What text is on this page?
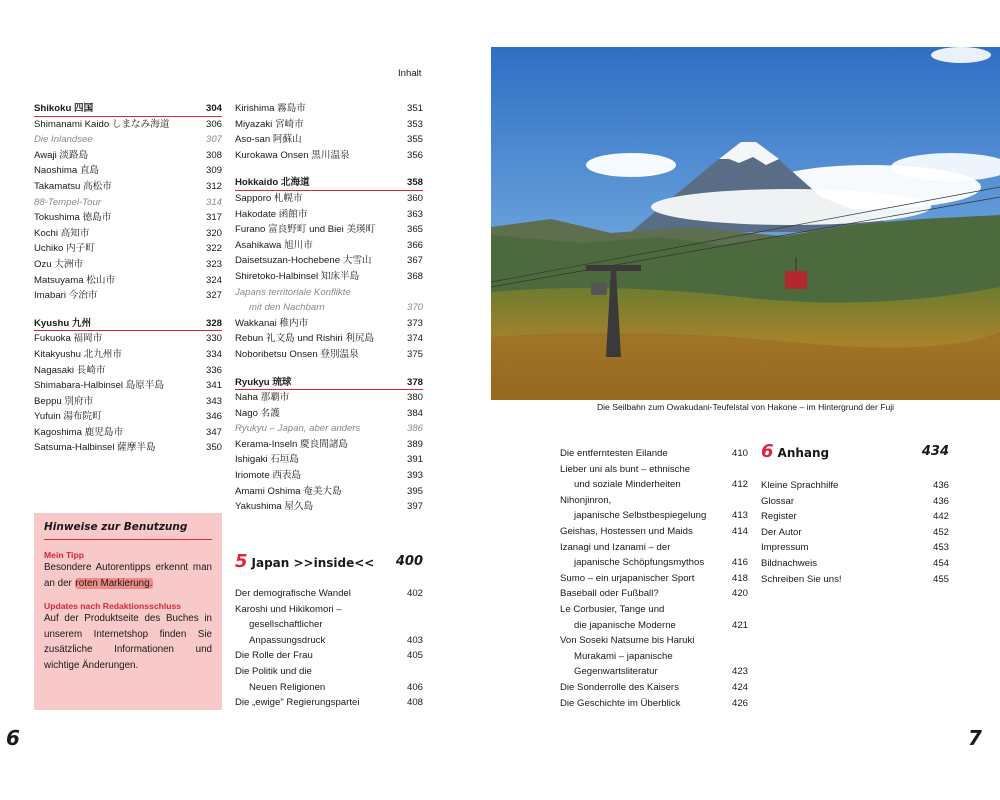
Inhalt
Shikoku 四国	304
Shimanami Kaido しまなみ海道	306
Die Inlandsee	307
Awaji 淡路島	308
Naoshima 直島	309
Takamatsu 高松市	312
88-Tempel-Tour	314
Tokushima 徳島市	317
Kochi 高知市	320
Uchiko 内子町	322
Ozu 大洲市	323
Matsuyama 松山市	324
Imabari 今治市	327
Kyushu 九州	328
Fukuoka 福岡市	330
Kitakyushu 北九州市	334
Nagasaki 長崎市	336
Shimabara-Halbinsel 島原半島	341
Beppu 別府市	343
Yufuin 湯布院町	346
Kagoshima 鹿児島市	347
Satsuma-Halbinsel 薩摩半島	350
Kirishima 霧島市	351
Miyazaki 宮崎市	353
Aso-san 阿蘇山	355
Kurokawa Onsen 黒川温泉	356
Hokkaido 北海道	358
Sapporo 札幌市	360
Hakodate 函館市	363
Furano 富良野町 und Biei 美瑛町	365
Asahikawa 旭川市	366
Daisetsuzan-Hochebene 大雪山	367
Shiretoko-Halbinsel 知床半島	368
Japans territoriale Konflikte
mit den Nachbarn	370
Wakkanai 稚内市	373
Rebun 礼文島 und Rishiri 利尻島	374
Noboribetsu Onsen 登別温泉	375
Ryukyu 琉球	378
Naha 那覇市	380
Nago 名護	384
Ryukyu – Japan, aber anders	386
Kerama-Inseln 慶良間諸島	389
Ishigaki 石垣島	391
Iriomote 西表島	393
Amami Oshima 奄美大島	395
Yakushima 屋久島	397
5 Japan >>inside<< 400
Der demografische Wandel	402
Karoshi und Hikikomori –
gesellschaftlicher
Anpassungsdruck	403
Die Rolle der Frau	405
Die Politik und die
Neuen Religionen	406
Die „ewige" Regierungspartei	408
Die entferntesten Eilande	410
Lieber uni als bunt – ethnische
und soziale Minderheiten	412
Nihonjinron,
japanische Selbstbespiegelung	413
Geishas, Hostessen und Maids	414
Izanagi und Izanami – der
japanische Schöpfungsmythos	416
Sumo – ein urjapanischer Sport	418
Baseball oder Fußball?	420
Le Corbusier, Tange und
die japanische Moderne	421
Von Soseki Natsume bis Haruki
Murakami – japanische
Gegenwartsliteratur	423
Die Sonderrolle des Kaisers	424
Die Geschichte im Überblick	426
6 Anhang	434
Kleine Sprachhilfe	436
Glossar	436
Register	442
Der Autor	452
Impressum	453
Bildnachweis	454
Schreiben Sie uns!	455
Hinweise zur Benutzung
Mein Tipp

Besondere Autorentipps erkennt man an der roten Markierung.

Updates nach Redaktionsschluss

Auf der Produktseite des Buches in unserem Internetshop finden Sie zusätzliche Informationen und wichtige Änderungen.

Die Seilbahn zum Owakudani-Teufelstal von Hakone – im Hintergrund der Fuji
6	7
